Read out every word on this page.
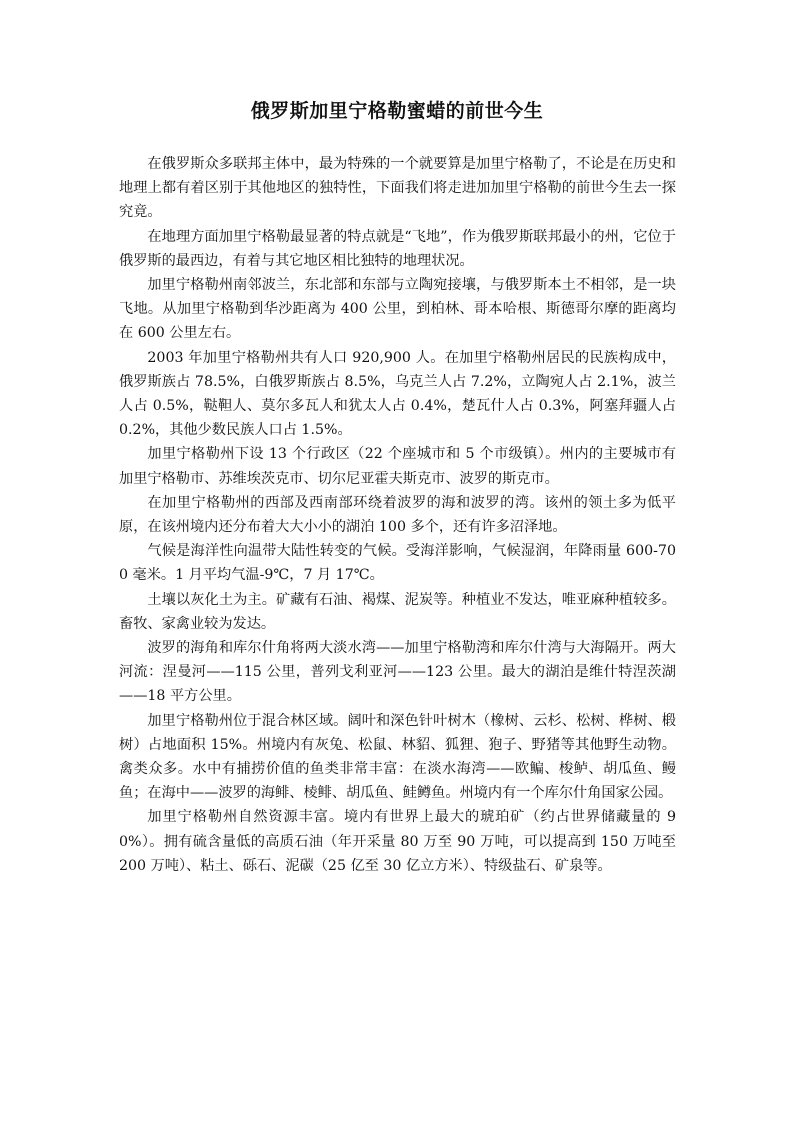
俄罗斯加里宁格勒蜜蜡的前世今生

在俄罗斯众多联邦主体中，最为特殊的一个就要算是加里宁格勒了，不论是在历史和地理上都有着区别于其他地区的独特性，下面我们将走进加加里宁格勒的前世今生去一探究竟。

在地理方面加里宁格勒最显著的特点就是“飞地”，作为俄罗斯联邦最小的州，它位于俄罗斯的最西边，有着与其它地区相比独特的地理状况。

加里宁格勒州南邻波兰，东北部和东部与立陶宛接壤，与俄罗斯本土不相邻，是一块飞地。从加里宁格勒到华沙距离为 400 公里，到柏林、哥本哈根、斯德哥尔摩的距离均在 600 公里左右。

2003 年加里宁格勒州共有人口 920,900 人。在加里宁格勒州居民的民族构成中，俄罗斯族占 78.5%，白俄罗斯族占 8.5%，乌克兰人占 7.2%，立陶宛人占 2.1%，波兰人占 0.5%，鞑靼人、莫尔多瓦人和犹太人占 0.4%，楚瓦什人占 0.3%，阿塞拜疆人占 0.2%，其他少数民族人口占 1.5%。

加里宁格勒州下设 13 个行政区（22 个座城市和 5 个市级镇）。州内的主要城市有加里宁格勒市、苏维埃茨克市、切尔尼亚霍夫斯克市、波罗的斯克市。

在加里宁格勒州的西部及西南部环绕着波罗的海和波罗的湾。该州的领土多为低平原，在该州境内还分布着大大小小的湖泊 100 多个，还有许多沼泽地。

气候是海洋性向温带大陆性转变的气候。受海洋影响，气候湿润，年降雨量 600-700 毫米。1 月平均气温-9℃，7 月 17℃。

土壤以灰化土为主。矿藏有石油、褐煤、泥炭等。种植业不发达，唯亚麻种植较多。畜牧、家禽业较为发达。

波罗的海角和库尔什角将两大淡水湾——加里宁格勒湾和库尔什湾与大海隔开。两大河流：涅曼河——115 公里，普列戈利亚河——123 公里。最大的湖泊是维什特涅茨湖——18 平方公里。

加里宁格勒州位于混合林区域。阔叶和深色针叶树木（橡树、云杉、松树、桦树、椴树）占地面积 15%。州境内有灰兔、松鼠、林貂、狐狸、狍子、野猪等其他野生动物。禽类众多。水中有捕捞价值的鱼类非常丰富：在淡水海湾——欧鳊、梭鲈、胡瓜鱼、鳗鱼；在海中——波罗的海鲱、棱鲱、胡瓜鱼、鲑鳟鱼。州境内有一个库尔什角国家公园。

加里宁格勒州自然资源丰富。境内有世界上最大的琥珀矿（约占世界储藏量的 90%）。拥有硫含量低的高质石油（年开采量 80 万至 90 万吨，可以提高到 150 万吨至 200 万吨）、粘土、砾石、泥碳（25 亿至 30 亿立方米）、特级盐石、矿泉等。
